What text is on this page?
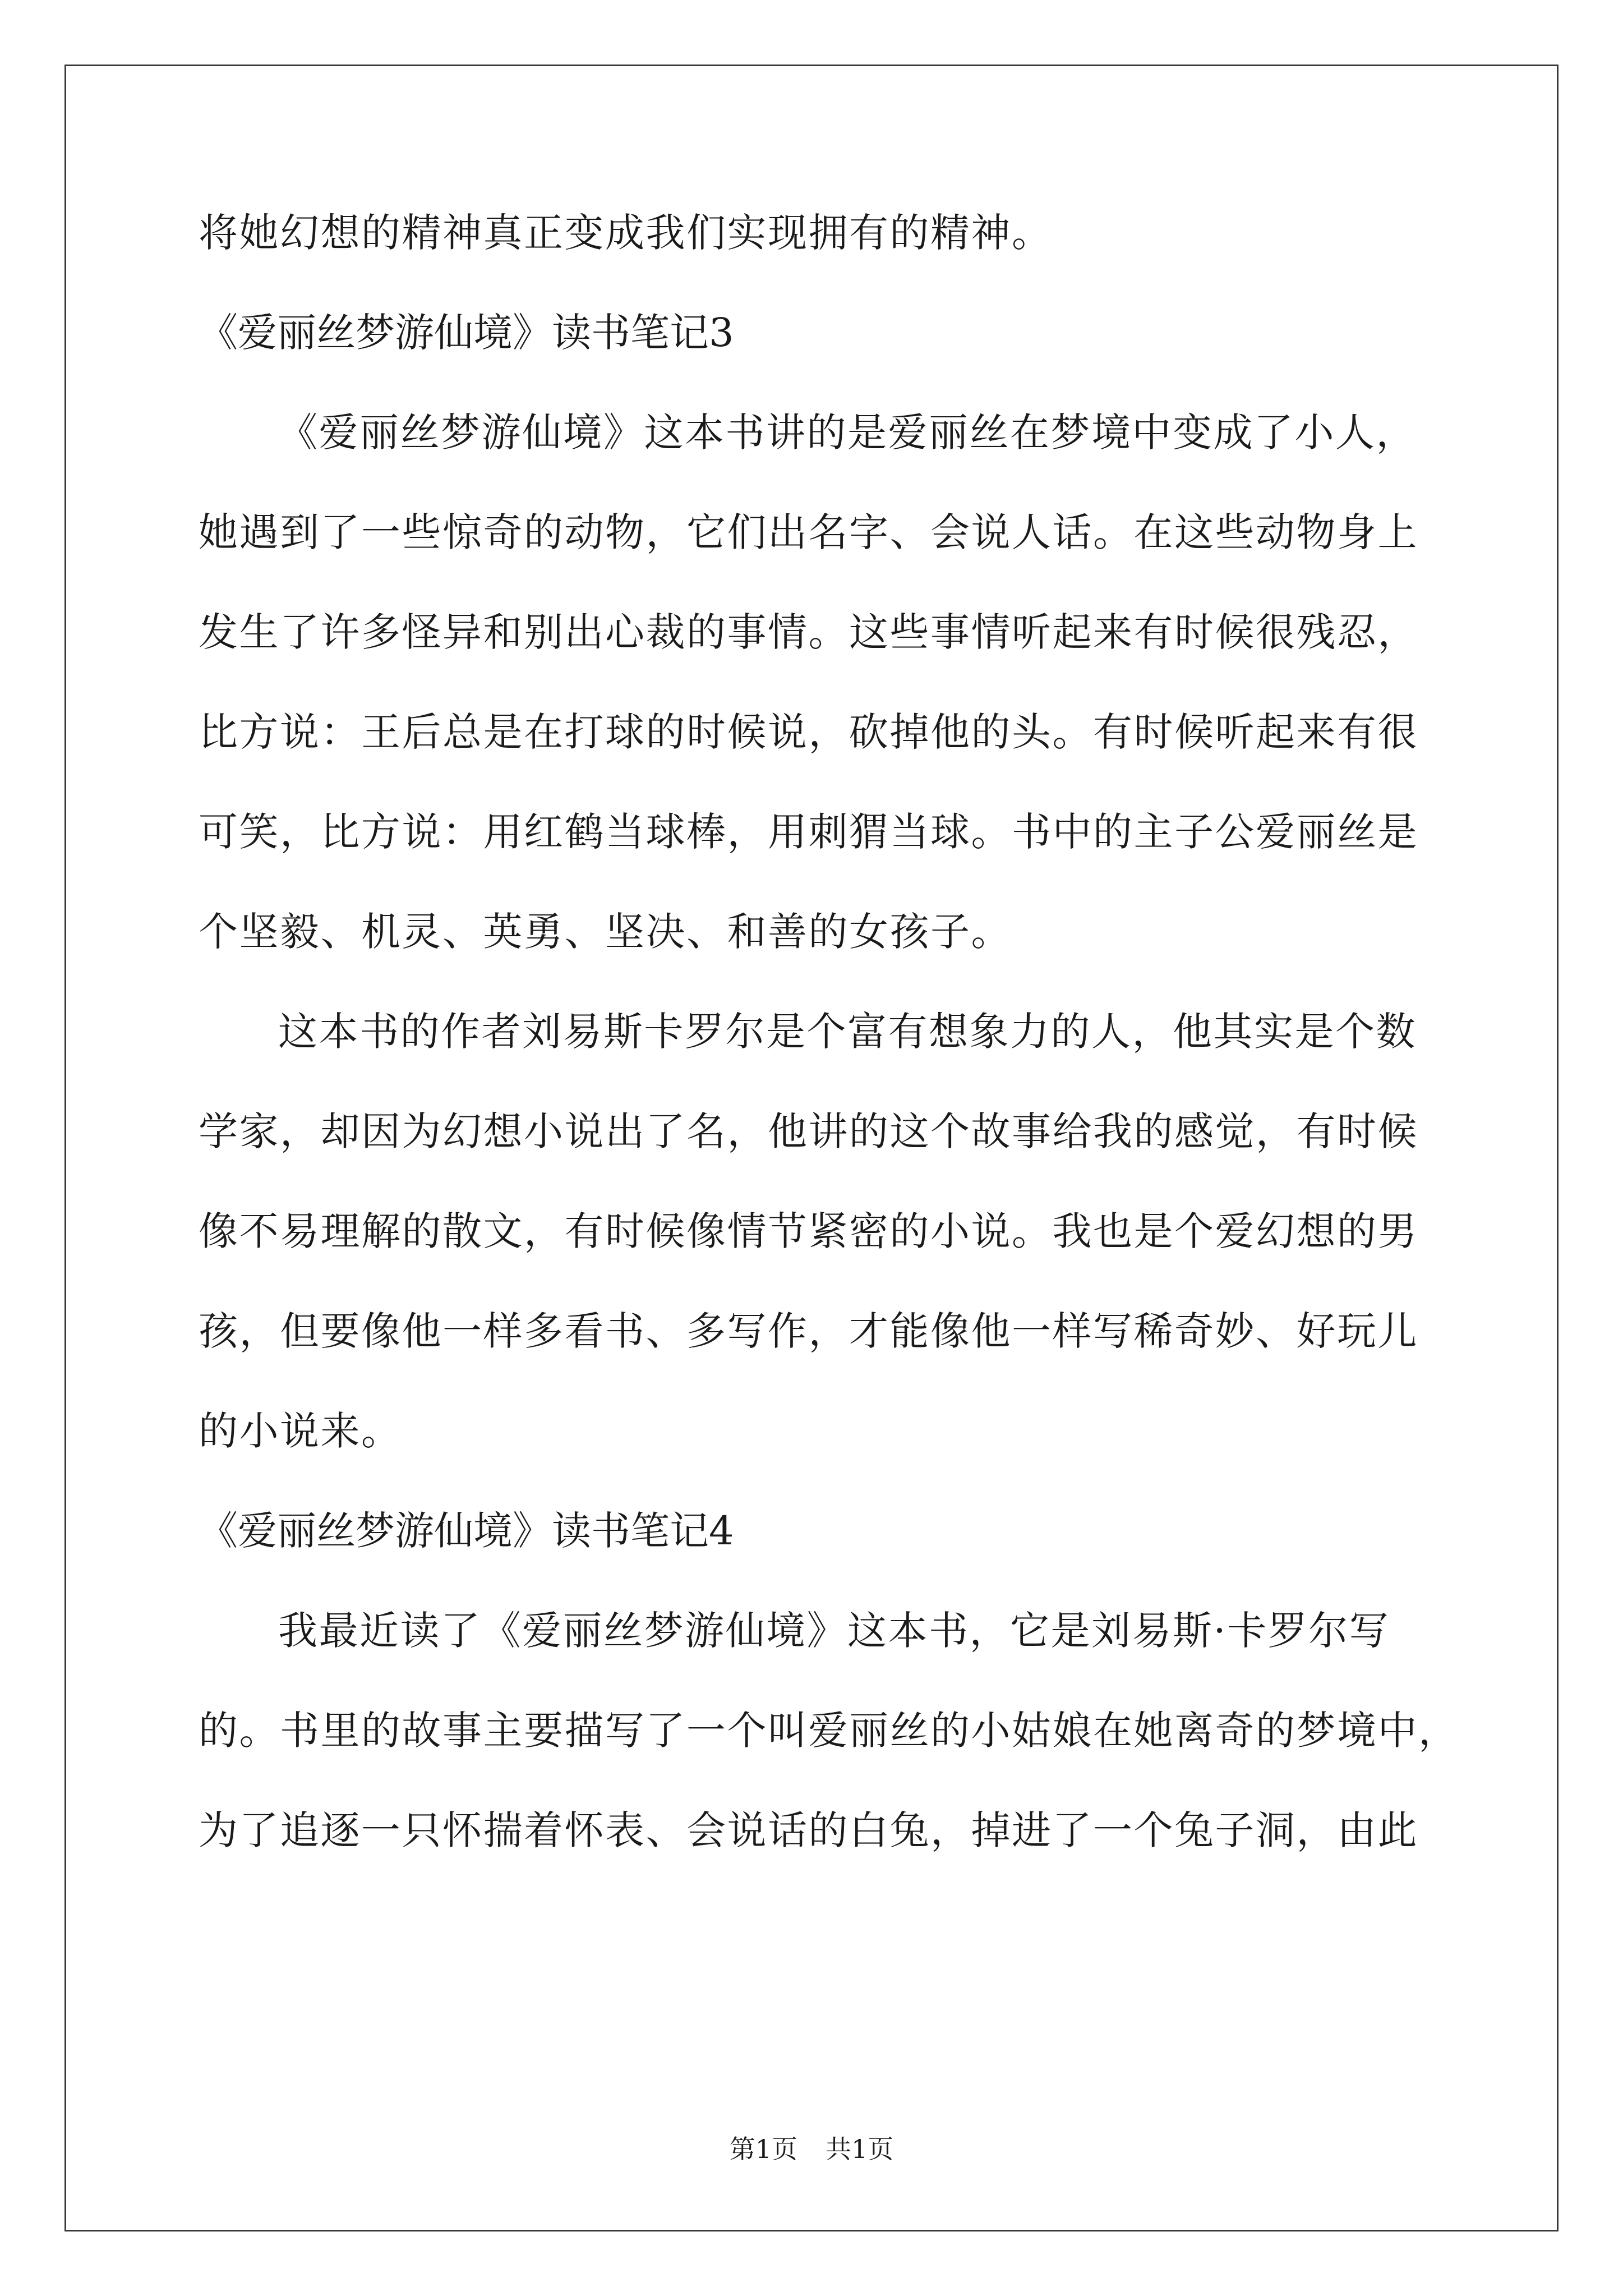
将她幻想的精神真正变成我们实现拥有的精神。
《爱丽丝梦游仙境》读书笔记3
《爱丽丝梦游仙境》这本书讲的是爱丽丝在梦境中变成了小人，
她遇到了一些惊奇的动物，它们出名字、会说人话。在这些动物身上
发生了许多怪异和别出心裁的事情。这些事情听起来有时候很残忍，
比方说：王后总是在打球的时候说，砍掉他的头。有时候听起来有很
可笑，比方说：用红鹤当球棒，用刺猬当球。书中的主子公爱丽丝是
个坚毅、机灵、英勇、坚决、和善的女孩子。
这本书的作者刘易斯卡罗尔是个富有想象力的人，他其实是个数
学家，却因为幻想小说出了名，他讲的这个故事给我的感觉，有时候
像不易理解的散文，有时候像情节紧密的小说。我也是个爱幻想的男
孩，但要像他一样多看书、多写作，才能像他一样写稀奇妙、好玩儿
的小说来。
《爱丽丝梦游仙境》读书笔记4
我最近读了《爱丽丝梦游仙境》这本书，它是刘易斯·卡罗尔写
的。书里的故事主要描写了一个叫爱丽丝的小姑娘在她离奇的梦境中，
为了追逐一只怀揣着怀表、会说话的白兔，掉进了一个兔子洞，由此
第1页 共1页
